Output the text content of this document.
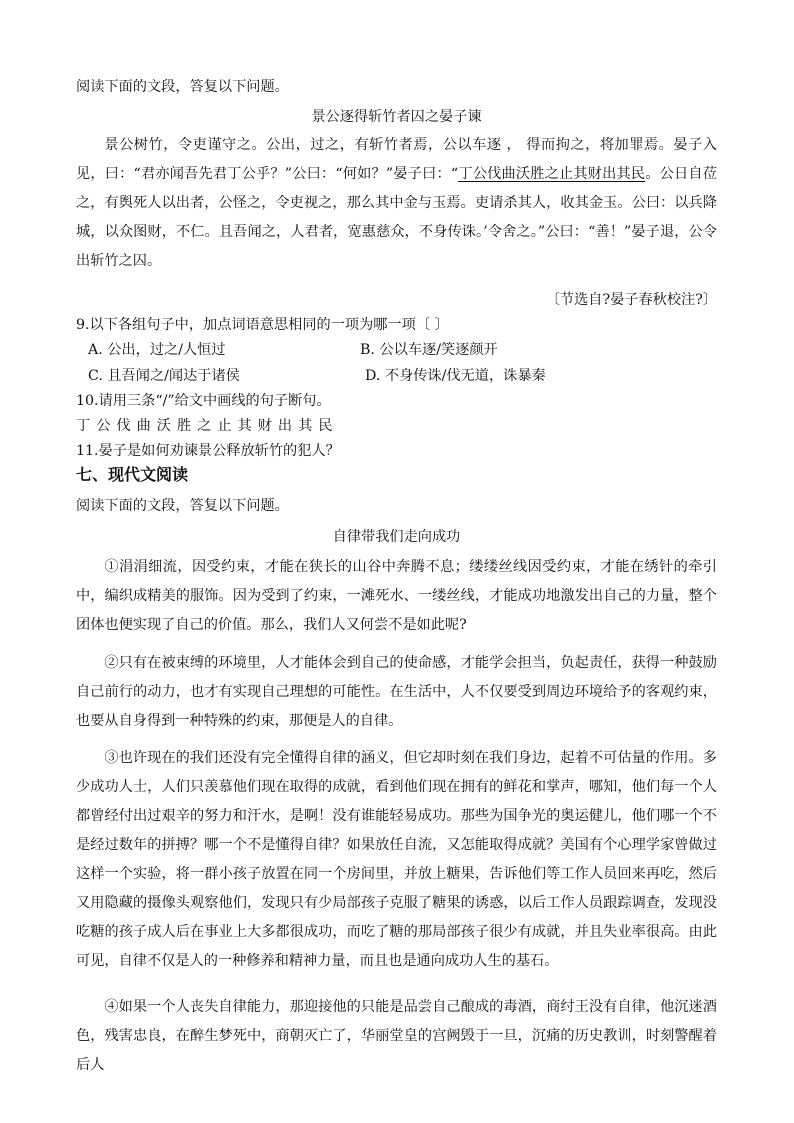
阅读下面的文段，答复以下问题。
景公逐得斩竹者囚之晏子谏

景公树竹，令吏谨守之。公出，过之，有斩竹者焉，公以车逐 ， 得而拘之，将加罪焉。晏子入见，曰：“君亦闻吾先君丁公乎？”公曰：“何如？”晏子曰：“丁公伐曲沃胜之止其财出其民。公日自莅之，有舆死人以出者，公怪之，令吏视之，那么其中金与玉焉。吏请杀其人，收其金玉。公曰：以兵降城，以众图财，不仁。且吾闻之，人君者，宽惠慈众，不身传诛。’令舍之。”公曰：“善！”晏子退，公令出斩竹之囚。

〔节选自?晏子春秋校注?〕
9.以下各组句子中，加点词语意思相同的一项为哪一项〔 〕
A. 公出，过之/人恒过	B. 公以车逐/笑逐颜开
C. 且吾闻之/闻达于诸侯	D. 不身传诛/伐无道，诛暴秦
10.请用三条“/”给文中画线的句子断句。
丁公伐曲沃胜之止其财出其民
11.晏子是如何劝谏景公释放斩竹的犯人？
七、现代文阅读
阅读下面的文段，答复以下问题。
自律带我们走向成功

①涓涓细流，因受约束，才能在狭长的山谷中奔腾不息；缕缕丝线因受约束，才能在绣针的牵引中，编织成精美的服饰。因为受到了约束，一滩死水、一缕丝线，才能成功地激发出自己的力量，整个团体也便实现了自己的价值。那么，我们人又何尝不是如此呢?

②只有在被束缚的环境里，人才能体会到自己的使命感，才能学会担当，负起责任，获得一种鼓励自己前行的动力，也才有实现自己理想的可能性。在生活中，人不仅要受到周边环境给予的客观约束，也要从自身得到一种特殊的约束，那便是人的自律。

③也许现在的我们还没有完全懂得自律的涵义，但它却时刻在我们身边，起着不可估量的作用。多少成功人士，人们只羡慕他们现在取得的成就，看到他们现在拥有的鲜花和掌声，哪知，他们每一个人都曾经付出过艰辛的努力和汗水，是啊！没有谁能轻易成功。那些为国争光的奥运健儿，他们哪一个不是经过数年的拼搏？哪一个不是懂得自律？如果放任自流，又怎能取得成就？美国有个心理学家曾做过这样一个实验，将一群小孩子放置在同一个房间里，并放上糖果，告诉他们等工作人员回来再吃，然后又用隐藏的摄像头观察他们，发现只有少局部孩子克服了糖果的诱惑，以后工作人员跟踪调查，发现没吃糖的孩子成人后在事业上大多都很成功，而吃了糖的那局部孩子很少有成就，并且失业率很高。由此可见，自律不仅是人的一种修养和精神力量，而且也是通向成功人生的基石。

④如果一个人丧失自律能力，那迎接他的只能是品尝自己酿成的毒酒，商纣王没有自律，他沉迷酒色，残害忠良，在醉生梦死中，商朝灭亡了，华丽堂皇的宫阙毁于一旦，沉痛的历史教训，时刻警醒着后人
